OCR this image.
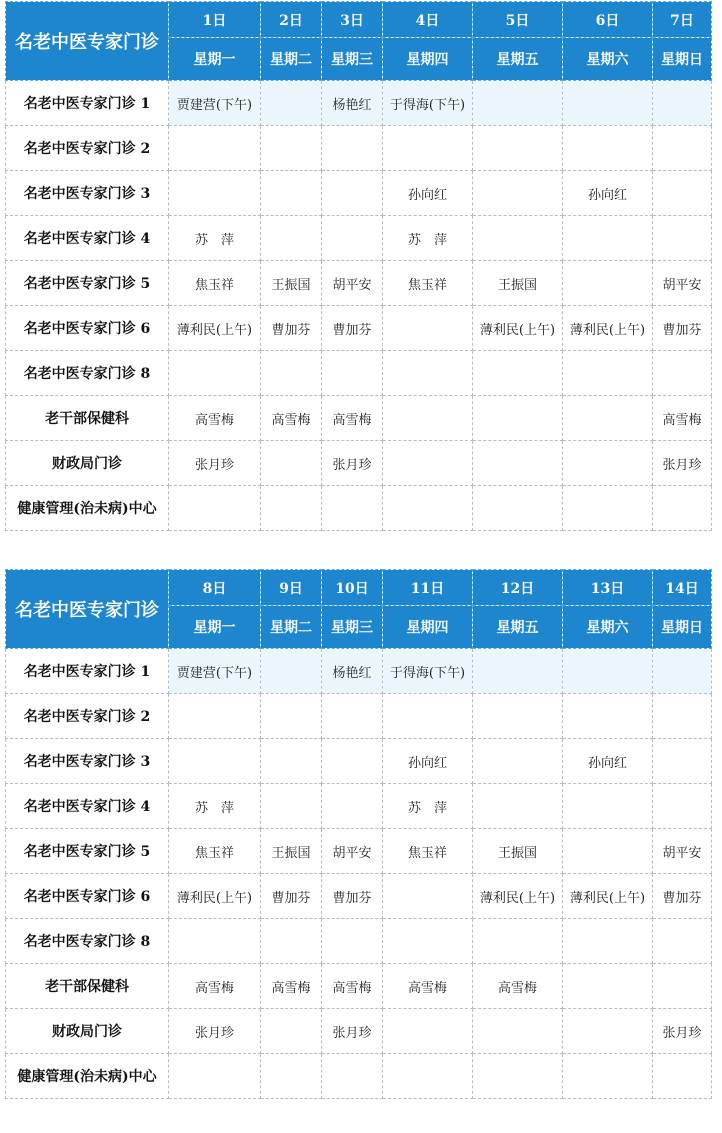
名老中医专家门诊	1日	2日	3日	4日	5日	6日	7日
	星期一	星期二	星期三	星期四	星期五	星期六	星期日
名老中医专家门诊 1	贾建营(下午)		杨艳红	于得海(下午)			
名老中医专家门诊 2							
名老中医专家门诊 3				孙向红		孙向红	
名老中医专家门诊 4	苏　萍			苏　萍			
名老中医专家门诊 5	焦玉祥	王振国	胡平安	焦玉祥	王振国		胡平安
名老中医专家门诊 6	薄利民(上午)	曹加芬	曹加芬		薄利民(上午)	薄利民(上午)	曹加芬
名老中医专家门诊 8							
老干部保健科	高雪梅	高雪梅	高雪梅				高雪梅
财政局门诊	张月珍		张月珍				张月珍
健康管理(治未病)中心							
名老中医专家门诊	8日	9日	10日	11日	12日	13日	14日
	星期一	星期二	星期三	星期四	星期五	星期六	星期日
名老中医专家门诊 1	贾建营(下午)		杨艳红	于得海(下午)			
名老中医专家门诊 2							
名老中医专家门诊 3				孙向红		孙向红	
名老中医专家门诊 4	苏　萍			苏　萍			
名老中医专家门诊 5	焦玉祥	王振国	胡平安	焦玉祥	王振国		胡平安
名老中医专家门诊 6	薄利民(上午)	曹加芬	曹加芬		薄利民(上午)	薄利民(上午)	曹加芬
名老中医专家门诊 8							
老干部保健科	高雪梅	高雪梅	高雪梅	高雪梅	高雪梅		
财政局门诊	张月珍		张月珍				张月珍
健康管理(治未病)中心							
